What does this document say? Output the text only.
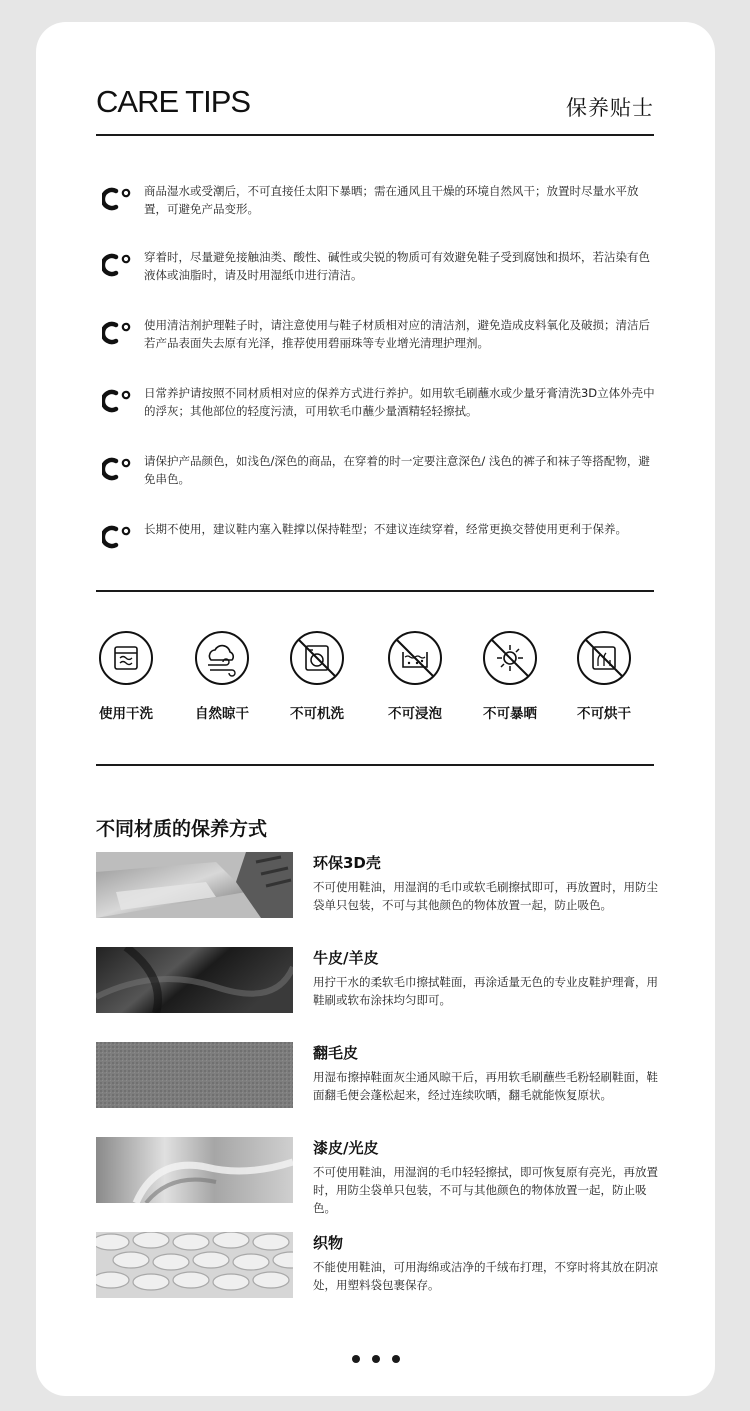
CARE TIPS	保养贴士
商品湿水或受潮后，不可直接任太阳下暴晒；需在通风且干燥的环境自然风干；放置时尽量水平放置，可避免产品变形。
穿着时，尽量避免接触油类、酸性、碱性或尖锐的物质可有效避免鞋子受到腐蚀和损坏，若沾染有色液体或油脂时，请及时用湿纸巾进行清洁。
使用清洁剂护理鞋子时，请注意使用与鞋子材质相对应的清洁剂，避免造成皮料氧化及破损；清洁后若产品表面失去原有光泽，推荐使用碧丽珠等专业增光清理护理剂。
日常养护请按照不同材质相对应的保养方式进行养护。如用软毛刷蘸水或少量牙膏清洗3D立体外壳中的浮灰；其他部位的轻度污渍，可用软毛巾蘸少量酒精轻轻擦拭。
请保护产品颜色，如浅色/深色的商品，在穿着的时一定要注意深色/ 浅色的裤子和袜子等搭配物，避免串色。
长期不使用，建议鞋内塞入鞋撑以保持鞋型；不建议连续穿着，经常更换交替使用更利于保养。
使用干洗	自然晾干	不可机洗	不可浸泡	不可暴晒	不可烘干
不同材质的保养方式
环保3D壳
不可使用鞋油，用湿润的毛巾或软毛刷擦拭即可，再放置时，用防尘袋单只包装，不可与其他颜色的物体放置一起，防止吸色。
牛皮/羊皮
用拧干水的柔软毛巾擦拭鞋面，再涂适量无色的专业皮鞋护理膏，用鞋刷或软布涂抹均匀即可。
翻毛皮
用湿布擦掉鞋面灰尘通风晾干后，再用软毛刷蘸些毛粉轻刷鞋面，鞋面翻毛便会蓬松起来，经过连续吹晒，翻毛就能恢复原状。
漆皮/光皮
不可使用鞋油，用湿润的毛巾轻轻擦拭，即可恢复原有亮光，再放置时，用防尘袋单只包装，不可与其他颜色的物体放置一起，防止吸色。
织物
不能使用鞋油，可用海绵或洁净的千绒布打理，不穿时将其放在阴凉处，用塑料袋包裹保存。
